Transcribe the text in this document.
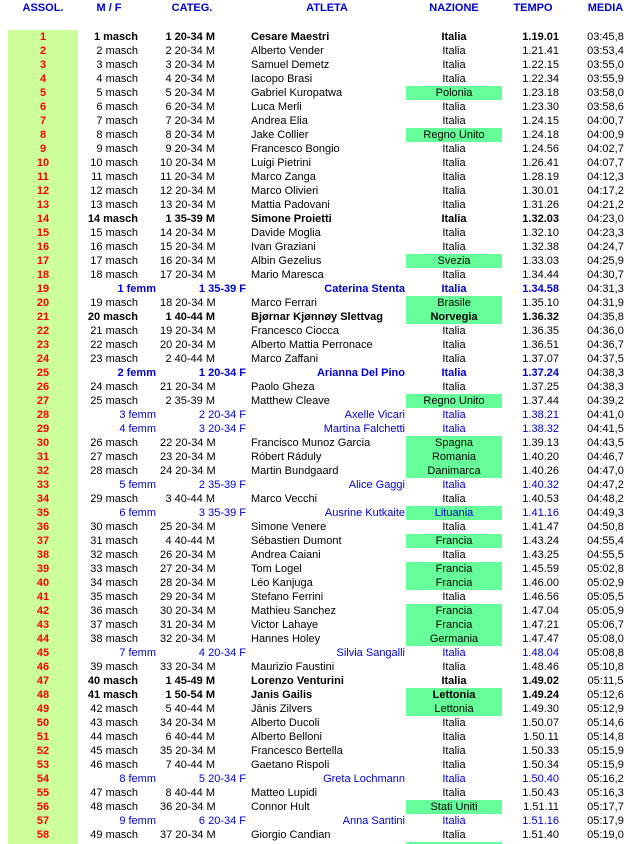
ASSOL.	M / F	CATEG.	ATLETA	NAZIONE	TEMPO	MEDIA
1	1 masch	1 20-34 M	Cesare Maestri	Italia	1.19.01	03:45,8
2	2 masch	2 20-34 M	Alberto Vender	Italia	1.21.41	03:53,4
3	3 masch	3 20-34 M	Samuel Demetz	Italia	1.22.15	03:55,0
4	4 masch	4 20-34 M	Iacopo Brasi	Italia	1.22.34	03:55,9
5	5 masch	5 20-34 M	Gabriel Kuropatwa	Polonia	1.23.18	03:58,0
6	6 masch	6 20-34 M	Luca Merli	Italia	1.23.30	03:58,6
7	7 masch	7 20-34 M	Andrea Elia	Italia	1.24.15	04:00,7
8	8 masch	8 20-34 M	Jake Collier	Regno Unito	1.24.18	04:00,9
9	9 masch	9 20-34 M	Francesco Bongio	Italia	1.24.56	04:02,7
10	10 masch	10 20-34 M	Luigi Pietrini	Italia	1.26.41	04:07,7
11	11 masch	11 20-34 M	Marco Zanga	Italia	1.28.19	04:12,3
12	12 masch	12 20-34 M	Marco Olivieri	Italia	1.30.01	04:17,2
13	13 masch	13 20-34 M	Mattia Padovani	Italia	1.31.26	04:21,2
14	14 masch	1 35-39 M	Simone Proietti	Italia	1.32.03	04:23,0
15	15 masch	14 20-34 M	Davide Moglia	Italia	1.32.10	04:23,3
16	16 masch	15 20-34 M	Ivan Graziani	Italia	1.32.38	04:24,7
17	17 masch	16 20-34 M	Albin Gezelius	Svezia	1.33.03	04:25,9
18	18 masch	17 20-34 M	Mario Maresca	Italia	1.34.44	04:30,7
19	1 femm	1 35-39 F	Caterina Stenta	Italia	1.34.58	04:31,3
20	19 masch	18 20-34 M	Marco Ferrari	Brasile	1.35.10	04:31,9
21	20 masch	1 40-44 M	Bjørnar Kjønnøy Slettvag	Norvegia	1.36.32	04:35,8
22	21 masch	19 20-34 M	Francesco Ciocca	Italia	1.36.35	04:36,0
23	22 masch	20 20-34 M	Alberto Mattia Perronace	Italia	1.36.51	04:36,7
24	23 masch	2 40-44 M	Marco Zaffani	Italia	1.37.07	04:37,5
25	2 femm	1 20-34 F	Arianna Del Pino	Italia	1.37.24	04:38,3
26	24 masch	21 20-34 M	Paolo Gheza	Italia	1.37.25	04:38,3
27	25 masch	2 35-39 M	Matthew Cleave	Regno Unito	1.37.44	04:39,2
28	3 femm	2 20-34 F	Axelle Vicari	Italia	1.38.21	04:41,0
29	4 femm	3 20-34 F	Martina Falchetti	Italia	1.38.32	04:41,5
30	26 masch	22 20-34 M	Francisco Munoz Garcia	Spagna	1.39.13	04:43,5
31	27 masch	23 20-34 M	Róbert Ráduly	Romania	1.40.20	04:46,7
32	28 masch	24 20-34 M	Martin Bundgaard	Danimarca	1.40.26	04:47,0
33	5 femm	2 35-39 F	Alice Gaggi	Italia	1.40.32	04:47,2
34	29 masch	3 40-44 M	Marco Vecchi	Italia	1.40.53	04:48,2
35	6 femm	3 35-39 F	Ausrine Kutkaite	Lituania	1.41.16	04:49,3
36	30 masch	25 20-34 M	Simone Venere	Italia	1.41.47	04:50,8
37	31 masch	4 40-44 M	Sébastien Dumont	Francia	1.43.24	04:55,4
38	32 masch	26 20-34 M	Andrea Caiani	Italia	1.43.25	04:55,5
39	33 masch	27 20-34 M	Tom Logel	Francia	1.45.59	05:02,8
40	34 masch	28 20-34 M	Léo Kanjuga	Francia	1.46.00	05:02,9
41	35 masch	29 20-34 M	Stefano Ferrini	Italia	1.46.56	05:05,5
42	36 masch	30 20-34 M	Mathieu Sanchez	Francia	1.47.04	05:05,9
43	37 masch	31 20-34 M	Victor Lahaye	Francia	1.47.21	05:06,7
44	38 masch	32 20-34 M	Hannes Holey	Germania	1.47.47	05:08,0
45	7 femm	4 20-34 F	Silvia Sangalli	Italia	1.48.04	05:08,8
46	39 masch	33 20-34 M	Maurizio Faustini	Italia	1.48.46	05:10,8
47	40 masch	1 45-49 M	Lorenzo Venturini	Italia	1.49.02	05:11,5
48	41 masch	1 50-54 M	Janis Gailis	Lettonia	1.49.24	05:12,6
49	42 masch	5 40-44 M	Jānis Zilvers	Lettonia	1.49.30	05:12,9
50	43 masch	34 20-34 M	Alberto Ducoli	Italia	1.50.07	05:14,6
51	44 masch	6 40-44 M	Alberto Belloni	Italia	1.50.11	05:14,8
52	45 masch	35 20-34 M	Francesco Bertella	Italia	1.50.33	05:15,9
53	46 masch	7 40-44 M	Gaetano Rispoli	Italia	1.50.34	05:15,9
54	8 femm	5 20-34 F	Greta Lochmann	Italia	1.50.40	05:16,2
55	47 masch	8 40-44 M	Matteo Lupidi	Italia	1.50.43	05:16,3
56	48 masch	36 20-34 M	Connor Hult	Stati Uniti	1.51.11	05:17,7
57	9 femm	6 20-34 F	Anna Santini	Italia	1.51.16	05:17,9
58	49 masch	37 20-34 M	Giorgio Candian	Italia	1.51.40	05:19,0
